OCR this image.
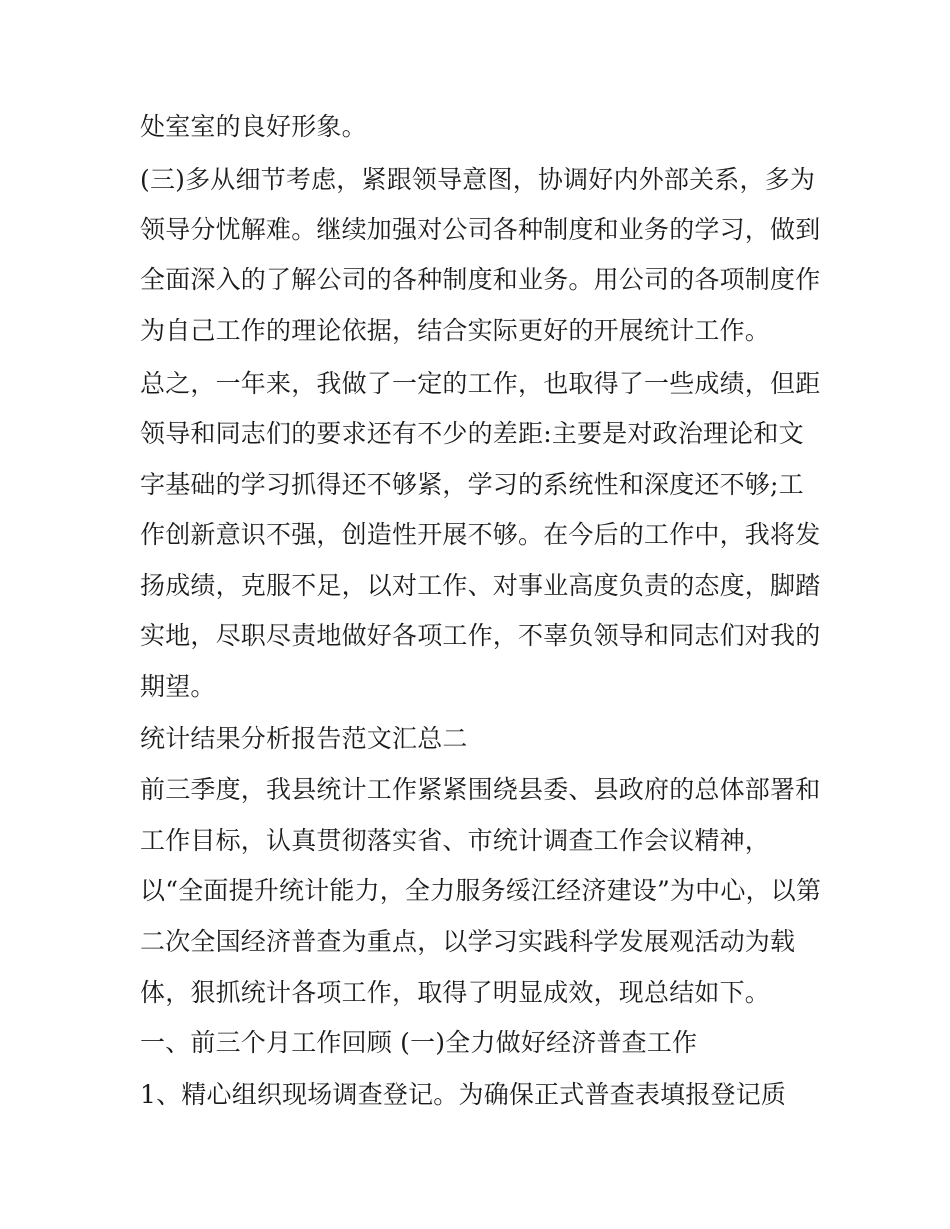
处室室的良好形象。

(三)多从细节考虑，紧跟领导意图，协调好内外部关系，多为

领导分忧解难。继续加强对公司各种制度和业务的学习，做到

全面深入的了解公司的各种制度和业务。用公司的各项制度作

为自己工作的理论依据，结合实际更好的开展统计工作。

总之，一年来，我做了一定的工作，也取得了一些成绩，但距

领导和同志们的要求还有不少的差距:主要是对政治理论和文

字基础的学习抓得还不够紧，学习的系统性和深度还不够;工

作创新意识不强，创造性开展不够。在今后的工作中，我将发

扬成绩，克服不足，以对工作、对事业高度负责的态度，脚踏

实地，尽职尽责地做好各项工作，不辜负领导和同志们对我的

期望。

统计结果分析报告范文汇总二

前三季度，我县统计工作紧紧围绕县委、县政府的总体部署和

工作目标，认真贯彻落实省、市统计调查工作会议精神，

以“全面提升统计能力，全力服务绥江经济建设”为中心，以第

二次全国经济普查为重点，以学习实践科学发展观活动为载

体，狠抓统计各项工作，取得了明显成效，现总结如下。

一、前三个月工作回顾 (一)全力做好经济普查工作

1、精心组织现场调查登记。为确保正式普查表填报登记质
